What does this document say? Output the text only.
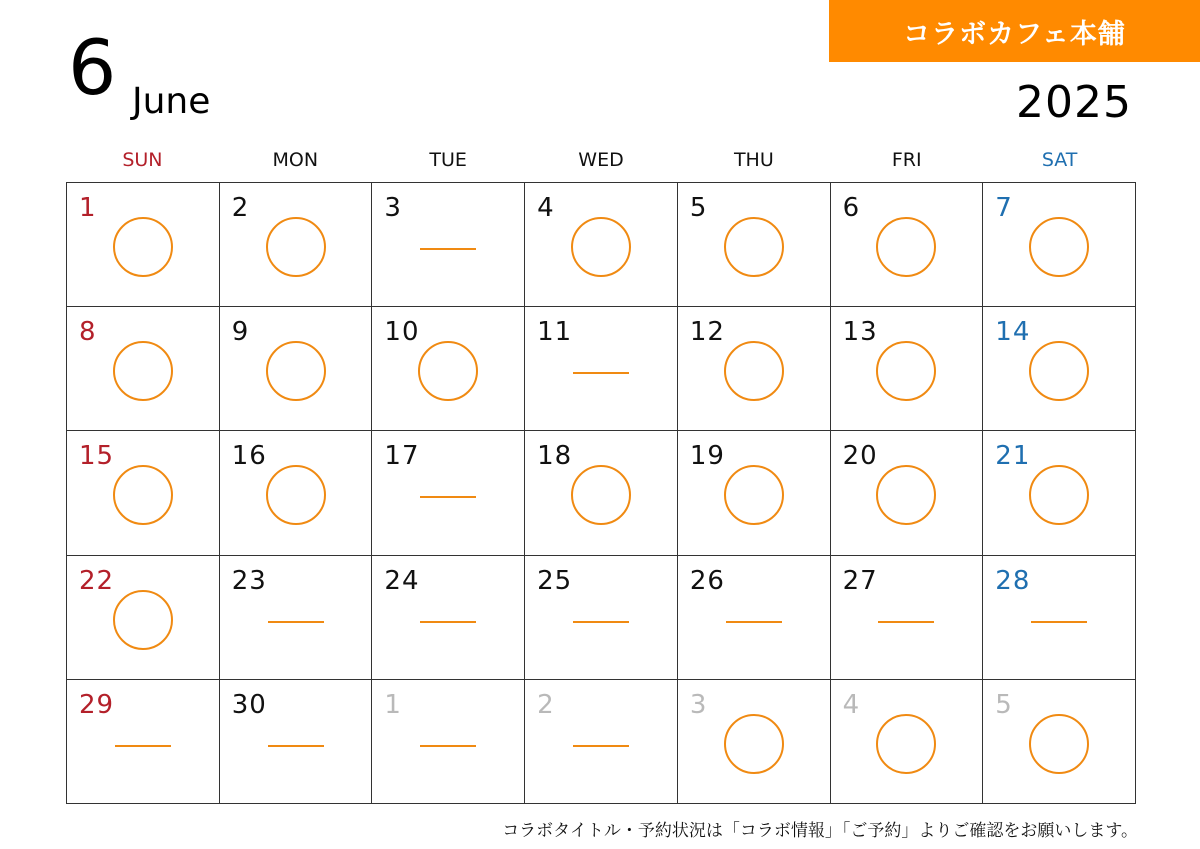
コラボカフェ本舗
6 June	2025
SUN	MON	TUE	WED	THU	FRI	SAT
1	2	3	4	5	6	7
8	9	10	11	12	13	14
15	16	17	18	19	20	21
22	23	24	25	26	27	28
29	30	1	2	3	4	5
コラボタイトル・予約状況は「コラボ情報」「ご予約」よりご確認をお願いします。
